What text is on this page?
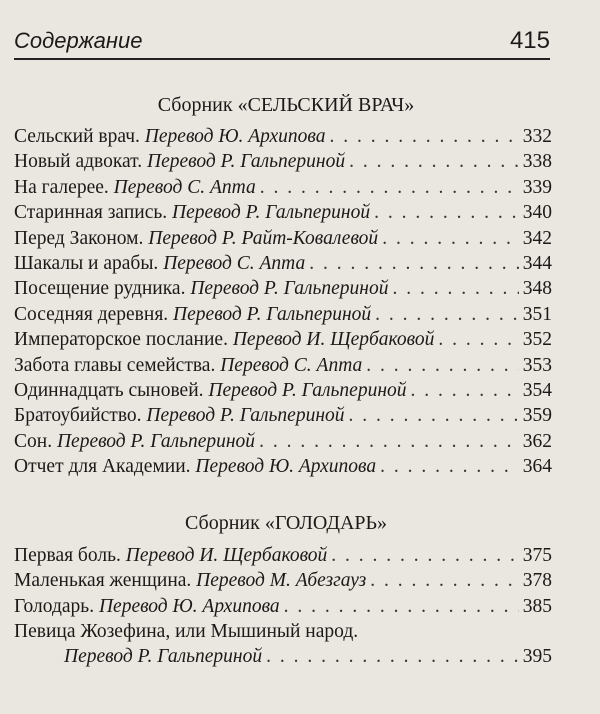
Содержание	415
Сборник «СЕЛЬСКИЙ ВРАЧ»
Сельский врач. Перевод Ю. Архипова . . .	332
Новый адвокат. Перевод Р. Гальпериной . . .	338
На галерее. Перевод С. Апта . . .	339
Старинная запись. Перевод Р. Гальпериной . . .	340
Перед Законом. Перевод Р. Райт-Ковалевой . . .	342
Шакалы и арабы. Перевод С. Апта . . .	344
Посещение рудника. Перевод Р. Гальпериной . . .	348
Соседняя деревня. Перевод Р. Гальпериной . . .	351
Императорское послание. Перевод И. Щербаковой . . .	352
Забота главы семейства. Перевод С. Апта . . .	353
Одиннадцать сыновей. Перевод Р. Гальпериной . . .	354
Братоубийство. Перевод Р. Гальпериной . . .	359
Сон. Перевод Р. Гальпериной . . .	362
Отчет для Академии. Перевод Ю. Архипова . . .	364
Сборник «ГОЛОДАРЬ»
Первая боль. Перевод И. Щербаковой . . .	375
Маленькая женщина. Перевод М. Абезгауз . . .	378
Голодарь. Перевод Ю. Архипова . . .	385
Певица Жозефина, или Мышиный народ.
Перевод Р. Гальпериной . . .	395
